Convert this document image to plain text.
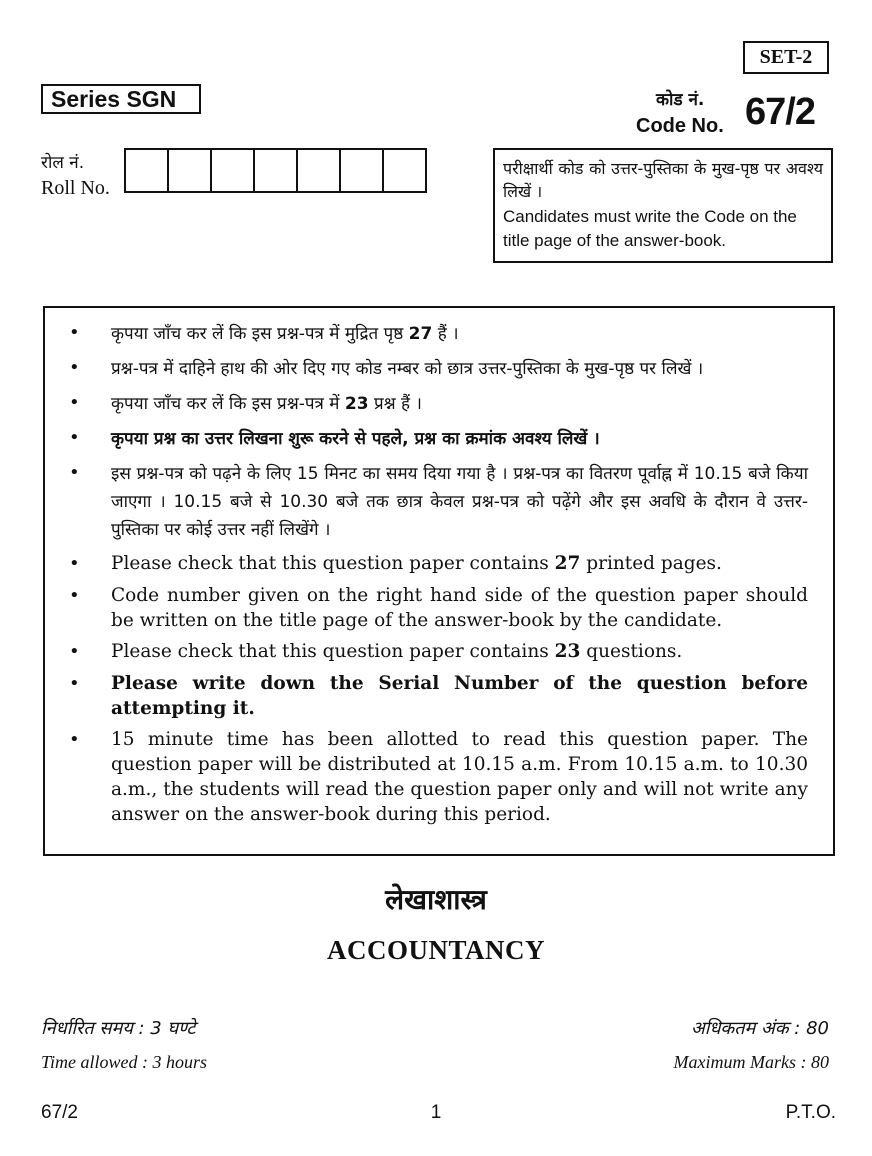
Series SGN
SET-2
कोड नं.
Code No. 67/2
रोल नं.
Roll No.

परीक्षार्थी कोड को उत्तर-पुस्तिका के मुख-पृष्ठ पर अवश्य लिखें ।

Candidates must write the Code on the title page of the answer-book.

•	कृपया जाँच कर लें कि इस प्रश्न-पत्र में मुद्रित पृष्ठ 27 हैं ।
•	प्रश्न-पत्र में दाहिने हाथ की ओर दिए गए कोड नम्बर को छात्र उत्तर-पुस्तिका के मुख-पृष्ठ पर लिखें ।
•	कृपया जाँच कर लें कि इस प्रश्न-पत्र में 23 प्रश्न हैं ।
•	कृपया प्रश्न का उत्तर लिखना शुरू करने से पहले, प्रश्न का क्रमांक अवश्य लिखें ।
•	इस प्रश्न-पत्र को पढ़ने के लिए 15 मिनट का समय दिया गया है । प्रश्न-पत्र का वितरण पूर्वाह्न में 10.15 बजे किया जाएगा । 10.15 बजे से 10.30 बजे तक छात्र केवल प्रश्न-पत्र को पढ़ेंगे और इस अवधि के दौरान वे उत्तर-पुस्तिका पर कोई उत्तर नहीं लिखेंगे ।
•	Please check that this question paper contains 27 printed pages.
•	Code number given on the right hand side of the question paper should be written on the title page of the answer-book by the candidate.
•	Please check that this question paper contains 23 questions.
•	Please write down the Serial Number of the question before attempting it.
•	15 minute time has been allotted to read this question paper. The question paper will be distributed at 10.15 a.m. From 10.15 a.m. to 10.30 a.m., the students will read the question paper only and will not write any answer on the answer-book during this period.
लेखाशास्त्र
ACCOUNTANCY
निर्धारित समय : 3 घण्टे
Time allowed : 3 hours
अधिकतम अंक : 80
Maximum Marks : 80
67/2	1	P.T.O.
